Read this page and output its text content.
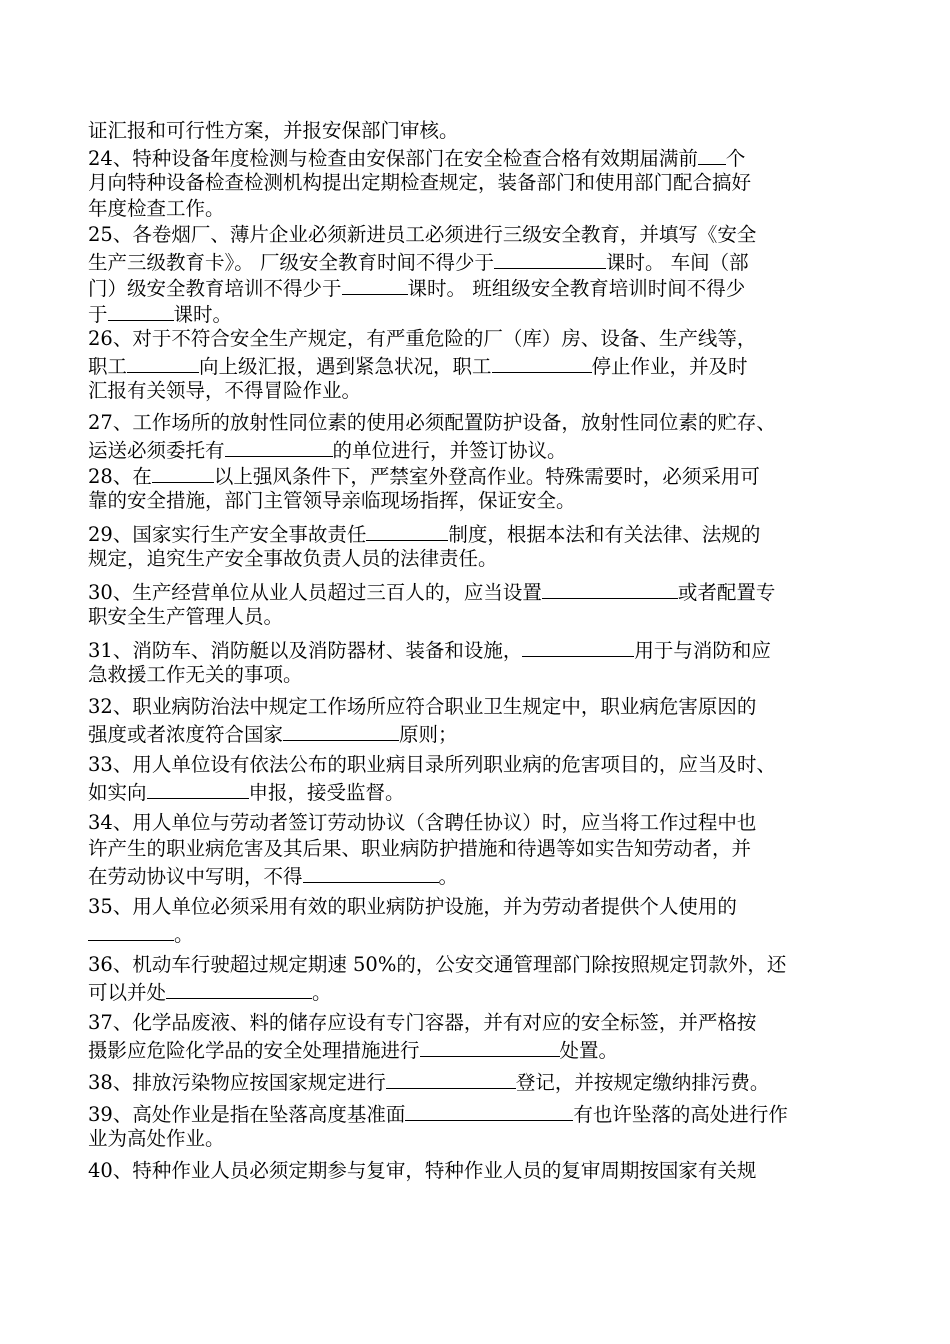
证汇报和可行性方案，并报安保部门审核。
24、特种设备年度检测与检查由安保部门在安全检查合格有效期届满前个
月向特种设备检查检测机构提出定期检查规定，装备部门和使用部门配合搞好
年度检查工作。
25、各卷烟厂、薄片企业必须新进员工必须进行三级安全教育，并填写《安全
生产三级教育卡》。 厂级安全教育时间不得少于	课时。 车间（部
门）级安全教育培训不得少于	课时。 班组级安全教育培训时间不得少
于	课时。
26、对于不符合安全生产规定，有严重危险的厂（库）房、设备、生产线等，
职工	向上级汇报，遇到紧急状况，职工	停止作业，并及时
汇报有关领导，不得冒险作业。
27、工作场所的放射性同位素的使用必须配置防护设备，放射性同位素的贮存、
运送必须委托有	的单位进行，并签订协议。
28、在	以上强风条件下，严禁室外登高作业。特殊需要时，必须采用可
靠的安全措施，部门主管领导亲临现场指挥，保证安全。
29、国家实行生产安全事故责任	制度，根据本法和有关法律、法规的
规定，追究生产安全事故负责人员的法律责任。
30、生产经营单位从业人员超过三百人的，应当设置	或者配置专
职安全生产管理人员。
31、消防车、消防艇以及消防器材、装备和设施，	用于与消防和应
急救援工作无关的事项。
32、职业病防治法中规定工作场所应符合职业卫生规定中，职业病危害原因的
强度或者浓度符合国家	原则；
33、用人单位设有依法公布的职业病目录所列职业病的危害项目的，应当及时、
如实向	申报，接受监督。
34、用人单位与劳动者签订劳动协议（含聘任协议）时，应当将工作过程中也
许产生的职业病危害及其后果、职业病防护措施和待遇等如实告知劳动者，并
在劳动协议中写明，不得	。
35、用人单位必须采用有效的职业病防护设施，并为劳动者提供个人使用的
。
36、机动车行驶超过规定期速 50%的，公安交通管理部门除按照规定罚款外，还
可以并处	。
37、化学品废液、料的储存应设有专门容器，并有对应的安全标签，并严格按
摄影应危险化学品的安全处理措施进行	处置。
38、排放污染物应按国家规定进行	登记，并按规定缴纳排污费。
39、高处作业是指在坠落高度基准面	有也许坠落的高处进行作
业为高处作业。
40、特种作业人员必须定期参与复审，特种作业人员的复审周期按国家有关规
